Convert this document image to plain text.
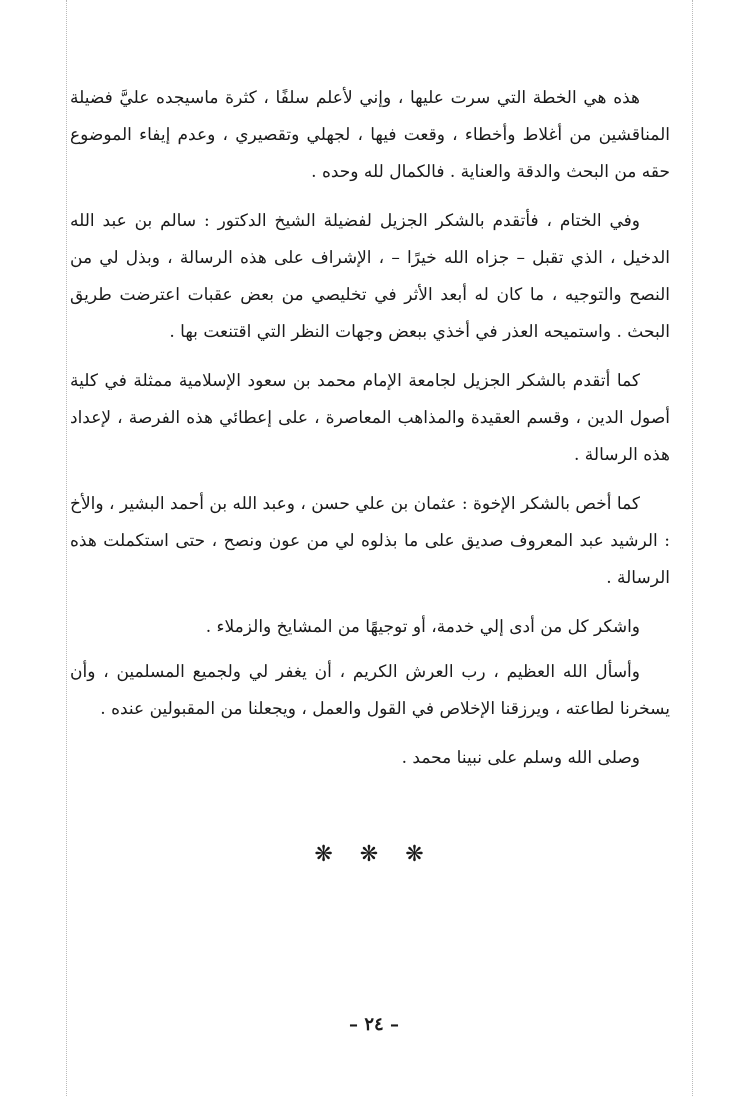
هذه هي الخطة التي سرت عليها ، وإني لأعلم سلفًا ، كثرة ماسيجده عليَّ فضيلة المناقشين من أغلاط وأخطاء ، وقعت فيها ، لجهلي وتقصيري ، وعدم إيفاء الموضوع حقه من البحث والدقة والعناية . فالكمال لله وحده .

وفي الختام ، فأتقدم بالشكر الجزيل لفضيلة الشيخ الدكتور : سالم بن عبد الله الدخيل ، الذي تقبل – جزاه الله خيرًا – ، الإشراف على هذه الرسالة ، وبذل لي من النصح والتوجيه ، ما كان له أبعد الأثر في تخليصي من بعض عقبات اعترضت طريق البحث . واستميحه العذر في أخذي ببعض وجهات النظر التي اقتنعت بها .

كما أتقدم بالشكر الجزيل لجامعة الإمام محمد بن سعود الإسلامية ممثلة في كلية أصول الدين ، وقسم العقيدة والمذاهب المعاصرة ، على إعطائي هذه الفرصة ، لإعداد هذه الرسالة .

كما أخص بالشكر الإخوة : عثمان بن علي حسن ، وعبد الله بن أحمد البشير ، والأخ : الرشيد عبد المعروف صديق على ما بذلوه لي من عون ونصح ، حتى استكملت هذه الرسالة .

واشكر كل من أدى إلي خدمة، أو توجيهًا من المشايخ والزملاء .

وأسأل الله العظيم ، رب العرش الكريم ، أن يغفر لي ولجميع المسلمين ، وأن يسخرنا لطاعته ، ويرزقنا الإخلاص في القول والعمل ، ويجعلنا من المقبولين عنده .

وصلى الله وسلم على نبينا محمد .

❋ ❋ ❋
– ٢٤ –
